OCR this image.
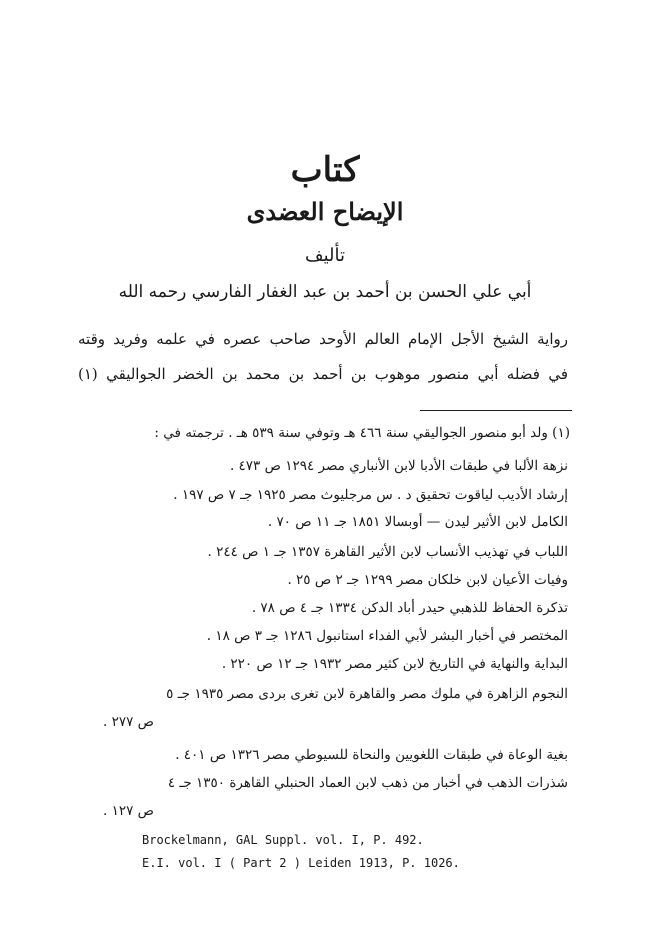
كتاب
الإيضاح العضدى
تأليف
أبي علي الحسن بن أحمد بن عبد الغفار الفارسي رحمه الله
رواية الشيخ الأجل الإمام العالم الأوحد صاحب عصره في علمه وفريد وقته
في فضله أبي منصور موهوب بن أحمد بن محمد بن الخضر الجواليقي (١)
(١) ولد أبو منصور الجواليقي سنة ٤٦٦ هـ وتوفي سنة ٥٣٩ هـ . ترجمته في :
نزهة الألبا في طبقات الأدبا لابن الأنباري مصر ١٢٩٤ ص ٤٧٣ .
إرشاد الأديب لياقوت تحقيق د . س مرجليوث مصر ١٩٢٥ جـ ٧ ص ١٩٧ .
الكامل لابن الأثير ليدن — أوبسالا ١٨٥١ جـ ١١ ص ٧٠ .
اللباب في تهذيب الأنساب لابن الأثير القاهرة ١٣٥٧ جـ ١ ص ٢٤٤ .
وفيات الأعيان لابن خلكان مصر ١٢٩٩ جـ ٢ ص ٢٥ .
تذكرة الحفاظ للذهبي حيدر أباد الدكن ١٣٣٤ جـ ٤ ص ٧٨ .
المختصر في أخبار البشر لأبي الفداء استانبول ١٢٨٦ جـ ٣ ص ١٨ .
البداية والنهاية في التاريخ لابن كثير مصر ١٩٣٢ جـ ١٢ ص ٢٢٠ .
النجوم الزاهرة في ملوك مصر والقاهرة لابن تغرى بردى مصر ١٩٣٥ جـ ٥
ص ٢٧٧ .
بغية الوعاة في طبقات اللغويين والنحاة للسيوطي مصر ١٣٢٦ ص ٤٠١ .
شذرات الذهب في أخبار من ذهب لابن العماد الحنبلي القاهرة ١٣٥٠ جـ ٤
ص ١٢٧ .
Brockelmann, GAL Suppl. vol. I, P. 492.
E.I. vol. I ( Part 2 ) Leiden 1913, P. 1026.
